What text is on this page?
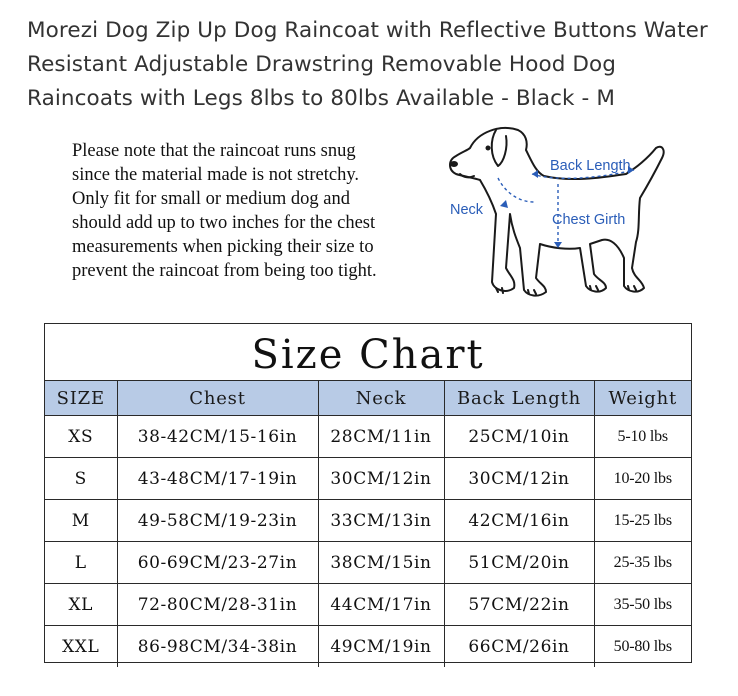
Morezi Dog Zip Up Dog Raincoat with Reflective Buttons Water Resistant Adjustable Drawstring Removable Hood Dog Raincoats with Legs 8lbs to 80lbs Available - Black - M
Please note that the raincoat runs snug
since the material made is not stretchy.
Only fit for small or medium dog and
should add up to two inches for the chest
measurements when picking their size to
prevent the raincoat from being too tight.
Back Length
Neck
Chest Girth
Size Chart
SIZE	Chest	Neck	Back Length	Weight
XS	38-42CM/15-16in	28CM/11in	25CM/10in	5-10 lbs
S	43-48CM/17-19in	30CM/12in	30CM/12in	10-20 lbs
M	49-58CM/19-23in	33CM/13in	42CM/16in	15-25 lbs
L	60-69CM/23-27in	38CM/15in	51CM/20in	25-35 lbs
XL	72-80CM/28-31in	44CM/17in	57CM/22in	35-50 lbs
XXL	86-98CM/34-38in	49CM/19in	66CM/26in	50-80 lbs
